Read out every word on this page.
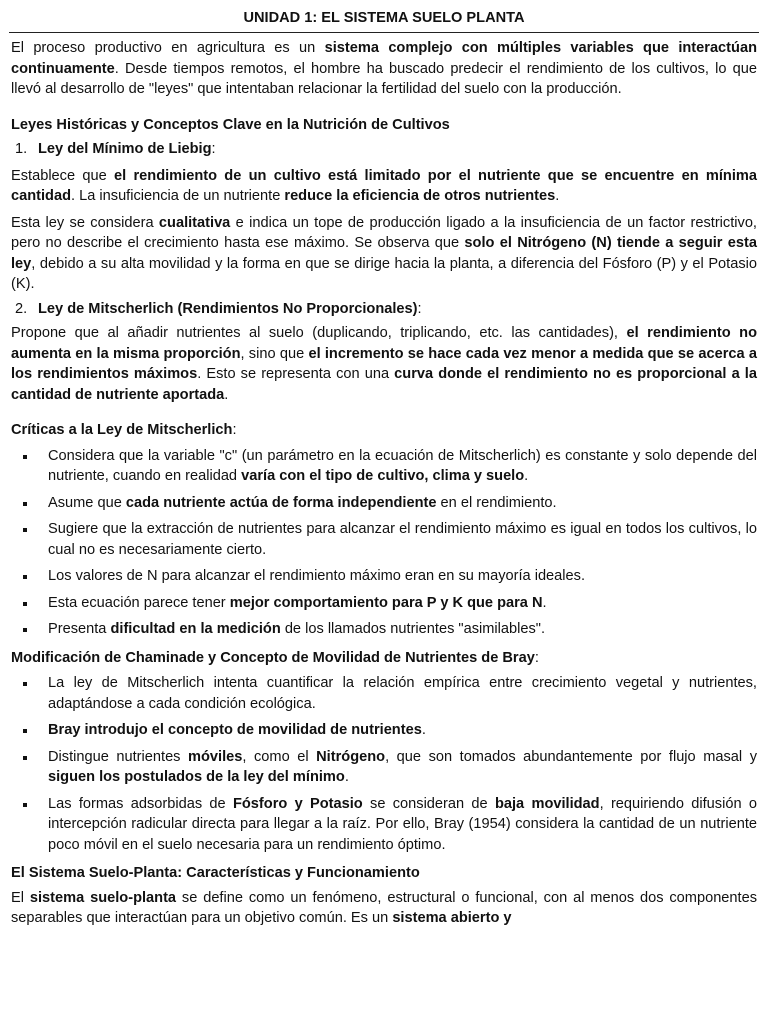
UNIDAD 1: EL SISTEMA SUELO PLANTA

El proceso productivo en agricultura es un sistema complejo con múltiples variables que interactúan continuamente. Desde tiempos remotos, el hombre ha buscado predecir el rendimiento de los cultivos, lo que llevó al desarrollo de "leyes" que intentaban relacionar la fertilidad del suelo con la producción.

Leyes Históricas y Conceptos Clave en la Nutrición de Cultivos
1. Ley del Mínimo de Liebig:

Establece que el rendimiento de un cultivo está limitado por el nutriente que se encuentre en mínima cantidad. La insuficiencia de un nutriente reduce la eficiencia de otros nutrientes.

Esta ley se considera cualitativa e indica un tope de producción ligado a la insuficiencia de un factor restrictivo, pero no describe el crecimiento hasta ese máximo. Se observa que solo el Nitrógeno (N) tiende a seguir esta ley, debido a su alta movilidad y la forma en que se dirige hacia la planta, a diferencia del Fósforo (P) y el Potasio (K).

2. Ley de Mitscherlich (Rendimientos No Proporcionales):

Propone que al añadir nutrientes al suelo (duplicando, triplicando, etc. las cantidades), el rendimiento no aumenta en la misma proporción, sino que el incremento se hace cada vez menor a medida que se acerca a los rendimientos máximos. Esto se representa con una curva donde el rendimiento no es proporcional a la cantidad de nutriente aportada.

Críticas a la Ley de Mitscherlich:
Considera que la variable "c" (un parámetro en la ecuación de Mitscherlich) es constante y solo depende del nutriente, cuando en realidad varía con el tipo de cultivo, clima y suelo.
Asume que cada nutriente actúa de forma independiente en el rendimiento.
Sugiere que la extracción de nutrientes para alcanzar el rendimiento máximo es igual en todos los cultivos, lo cual no es necesariamente cierto.
Los valores de N para alcanzar el rendimiento máximo eran en su mayoría ideales.
Esta ecuación parece tener mejor comportamiento para P y K que para N.
Presenta dificultad en la medición de los llamados nutrientes "asimilables".
Modificación de Chaminade y Concepto de Movilidad de Nutrientes de Bray:
La ley de Mitscherlich intenta cuantificar la relación empírica entre crecimiento vegetal y nutrientes, adaptándose a cada condición ecológica.
Bray introdujo el concepto de movilidad de nutrientes.
Distingue nutrientes móviles, como el Nitrógeno, que son tomados abundantemente por flujo masal y siguen los postulados de la ley del mínimo.
Las formas adsorbidas de Fósforo y Potasio se consideran de baja movilidad, requiriendo difusión o intercepción radicular directa para llegar a la raíz. Por ello, Bray (1954) considera la cantidad de un nutriente poco móvil en el suelo necesaria para un rendimiento óptimo.
El Sistema Suelo-Planta: Características y Funcionamiento

El sistema suelo-planta se define como un fenómeno, estructural o funcional, con al menos dos componentes separables que interactúan para un objetivo común. Es un sistema abierto y
